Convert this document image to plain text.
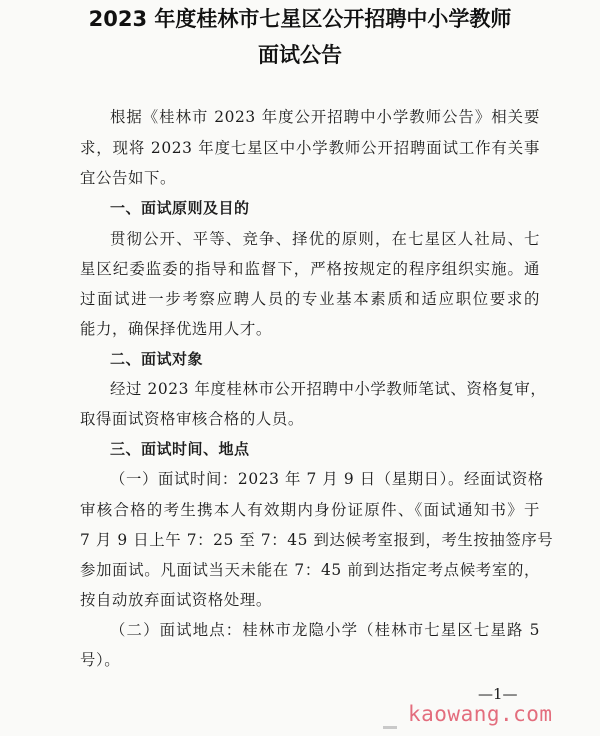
2023 年度桂林市七星区公开招聘中小学教师
面试公告
根据《桂林市 2023 年度公开招聘中小学教师公告》相关要
求，现将 2023 年度七星区中小学教师公开招聘面试工作有关事
宜公告如下。
一、面试原则及目的
贯彻公开、平等、竞争、择优的原则，在七星区人社局、七
星区纪委监委的指导和监督下，严格按规定的程序组织实施。通
过面试进一步考察应聘人员的专业基本素质和适应职位要求的
能力，确保择优选用人才。
二、面试对象
经过 2023 年度桂林市公开招聘中小学教师笔试、资格复审，
取得面试资格审核合格的人员。
三、面试时间、地点
（一）面试时间：2023 年 7 月 9 日（星期日）。经面试资格
审核合格的考生携本人有效期内身份证原件、《面试通知书》于
7 月 9 日上午 7：25 至 7：45 到达候考室报到，考生按抽签序号
参加面试。凡面试当天未能在 7：45 前到达指定考点候考室的，
按自动放弃面试资格处理。
（二）面试地点：桂林市龙隐小学（桂林市七星区七星路 5
号）。
—1—
kaowang.com
